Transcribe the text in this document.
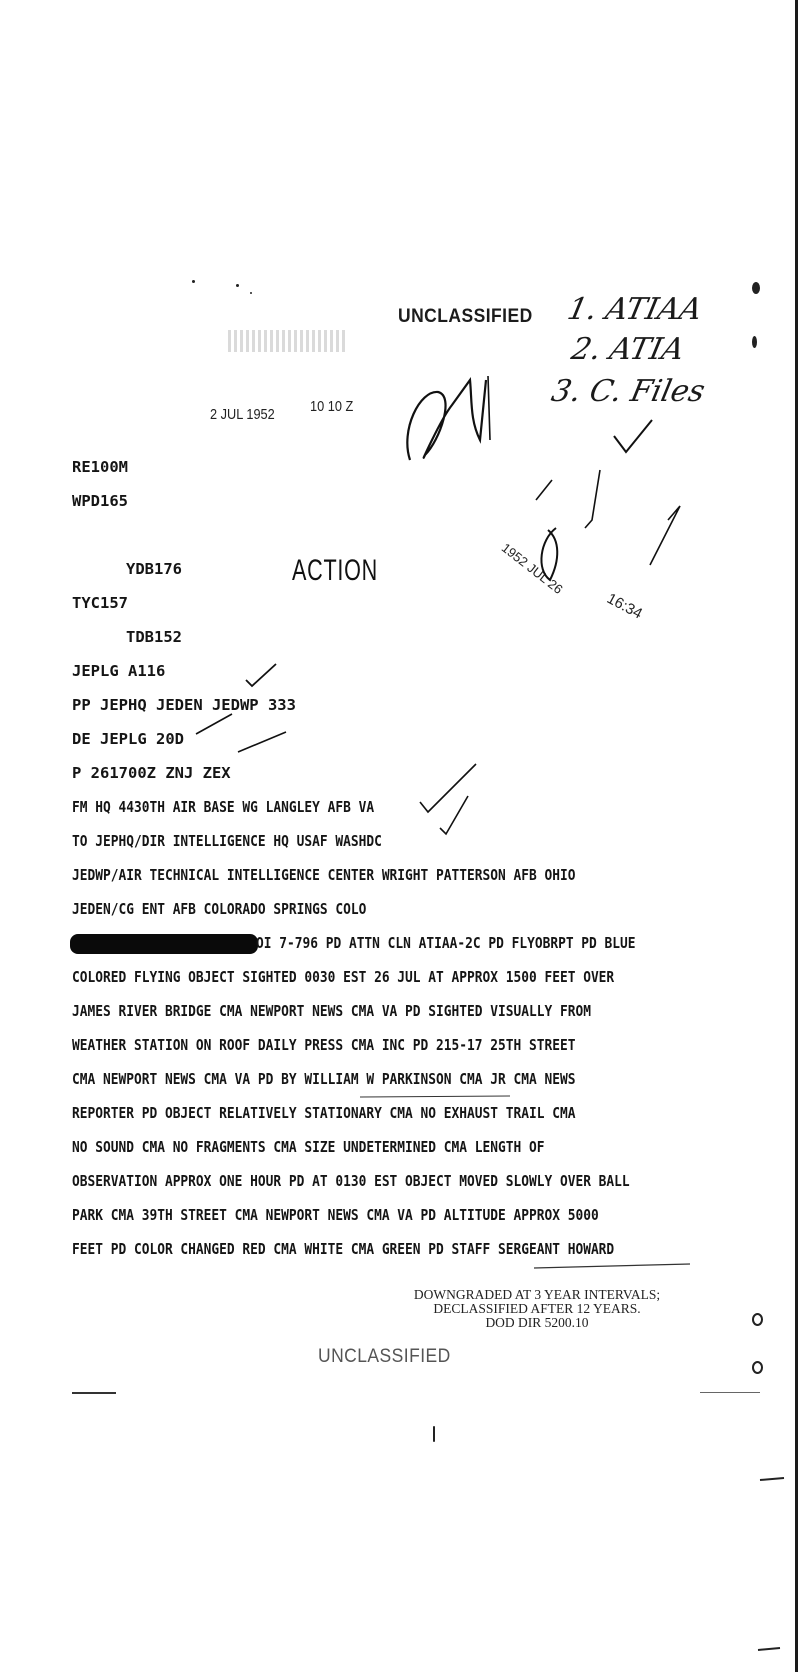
UNCLASSIFIED
2 JUL 1952 10 10 Z
1. ATIAA
2. ATIA
3. C. Files
ACTION	1952 JUL 26
16:34
RE100M
WPD165
YDB176
TYC157
TDB152
JEPLG A116
PP JEPHQ JEDEN JEDWP 333
DE JEPLG 20D
P 261700Z ZNJ ZEX
FM HQ 4430TH AIR BASE WG LANGLEY AFB VA
TO JEPHQ/DIR INTELLIGENCE HQ USAF WASHDC
JEDWP/AIR TECHNICAL INTELLIGENCE CENTER WRIGHT PATTERSON AFB OHIO
JEDEN/CG ENT AFB COLORADO SPRINGS COLO
OI 7-796 PD ATTN CLN ATIAA-2C PD FLYOBRPT PD BLUE
COLORED FLYING OBJECT SIGHTED 0030 EST 26 JUL AT APPROX 1500 FEET OVER
JAMES RIVER BRIDGE CMA NEWPORT NEWS CMA VA PD SIGHTED VISUALLY FROM
WEATHER STATION ON ROOF DAILY PRESS CMA INC PD 215-17 25TH STREET
CMA NEWPORT NEWS CMA VA PD BY WILLIAM W PARKINSON CMA JR CMA NEWS
REPORTER PD OBJECT RELATIVELY STATIONARY CMA NO EXHAUST TRAIL CMA
NO SOUND CMA NO FRAGMENTS CMA SIZE UNDETERMINED CMA LENGTH OF
OBSERVATION APPROX ONE HOUR PD AT 0130 EST OBJECT MOVED SLOWLY OVER BALL
PARK CMA 39TH STREET CMA NEWPORT NEWS CMA VA PD ALTITUDE APPROX 5000
FEET PD COLOR CHANGED RED CMA WHITE CMA GREEN PD STAFF SERGEANT HOWARD
DOWNGRADED AT 3 YEAR INTERVALS;
DECLASSIFIED AFTER 12 YEARS.
DOD DIR 5200.10
UNCLASSIFIED
